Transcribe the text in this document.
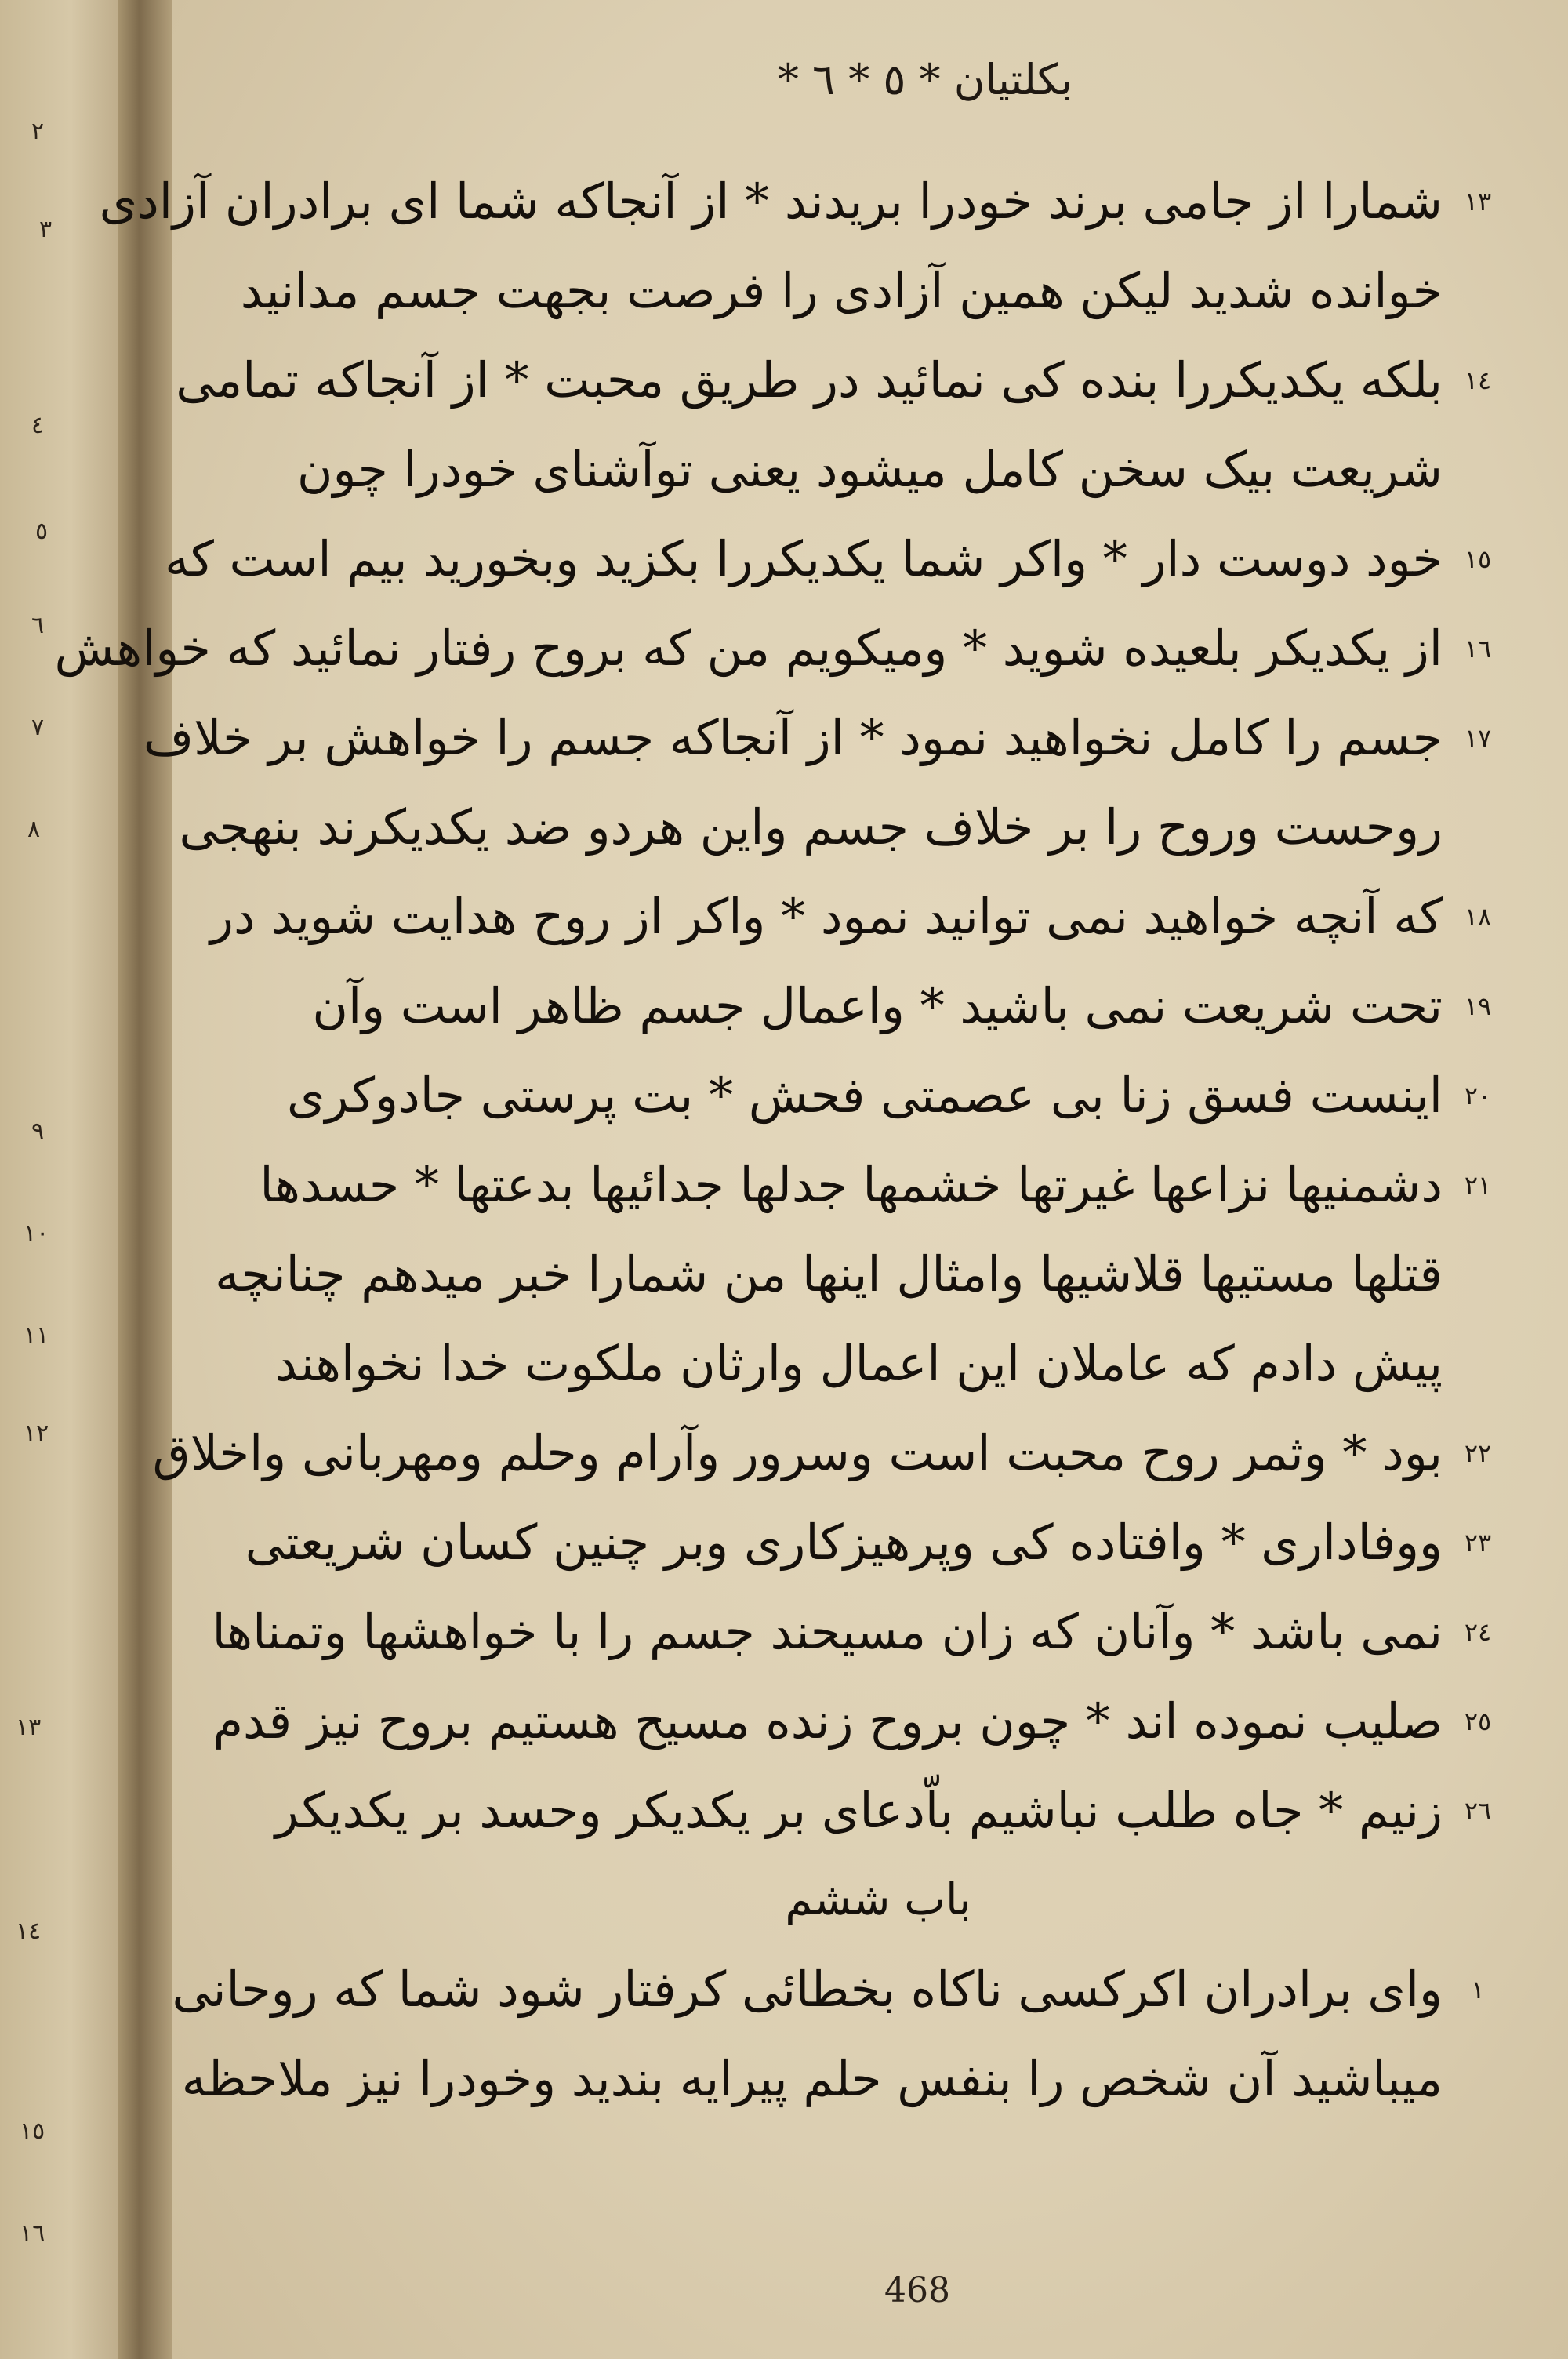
٢
٣
٤
٥
٦
٧
٨
٩
١٠
١١
١٢
١٣
١٤
١٥
١٦
بکلتیان * ٥ * ٦ *
١٣
شمارا از جامی برند خودرا بریدند * از آنجاکه شما ای برادران آزادی
خوانده شدید لیکن همین آزادی را فرصت بجهت جسم مدانید
١٤
بلکه یکدیکررا بنده کی نمائید در طریق محبت * از آنجاکه تمامی
شریعت بیک سخن کامل میشود یعنی توآشنای خودرا چون
١٥
خود دوست دار * واکر شما یکدیکررا بکزید وبخورید بیم است که
١٦
از یکدیکر بلعیده شوید * ومیکویم من که بروح رفتار نمائید که خواهش
١٧
جسم را کامل نخواهید نمود * از آنجاکه جسم را خواهش بر خلاف
روحست وروح را بر خلاف جسم واین هردو ضد یکدیکرند بنهجی
١٨
که آنچه خواهید نمی توانید نمود * واکر از روح هدایت شوید در
١٩
تحت شریعت نمی باشید * واعمال جسم ظاهر است وآن
٢٠
اینست فسق زنا بی عصمتی فحش * بت پرستی جادوکری
٢١
دشمنیها نزاعها غیرتها خشمها جدلها جدائیها بدعتها * حسدها
قتلها مستیها قلاشیها وامثال اینها من شمارا خبر میدهم چنانچه
پیش دادم که عاملان این اعمال وارثان ملکوت خدا نخواهند
٢٢
بود * وثمر روح محبت است وسرور وآرام وحلم ومهربانی واخلاق
٢٣
ووفاداری * وافتاده کی وپرهیزکاری وبر چنین کسان شریعتی
٢٤
نمی باشد * وآنان که زان مسیحند جسم را با خواهشها وتمناها
٢٥
صلیب نموده اند * چون بروح زنده مسیح هستیم بروح نیز قدم
٢٦
زنیم * جاه طلب نباشیم باّدعای بر یکدیکر وحسد بر یکدیکر
باب ششم
١
وای برادران اکرکسی ناکاه بخطائی کرفتار شود شما که روحانی
میباشید آن شخص را بنفس حلم پیرایه بندید وخودرا نیز ملاحظه
468
